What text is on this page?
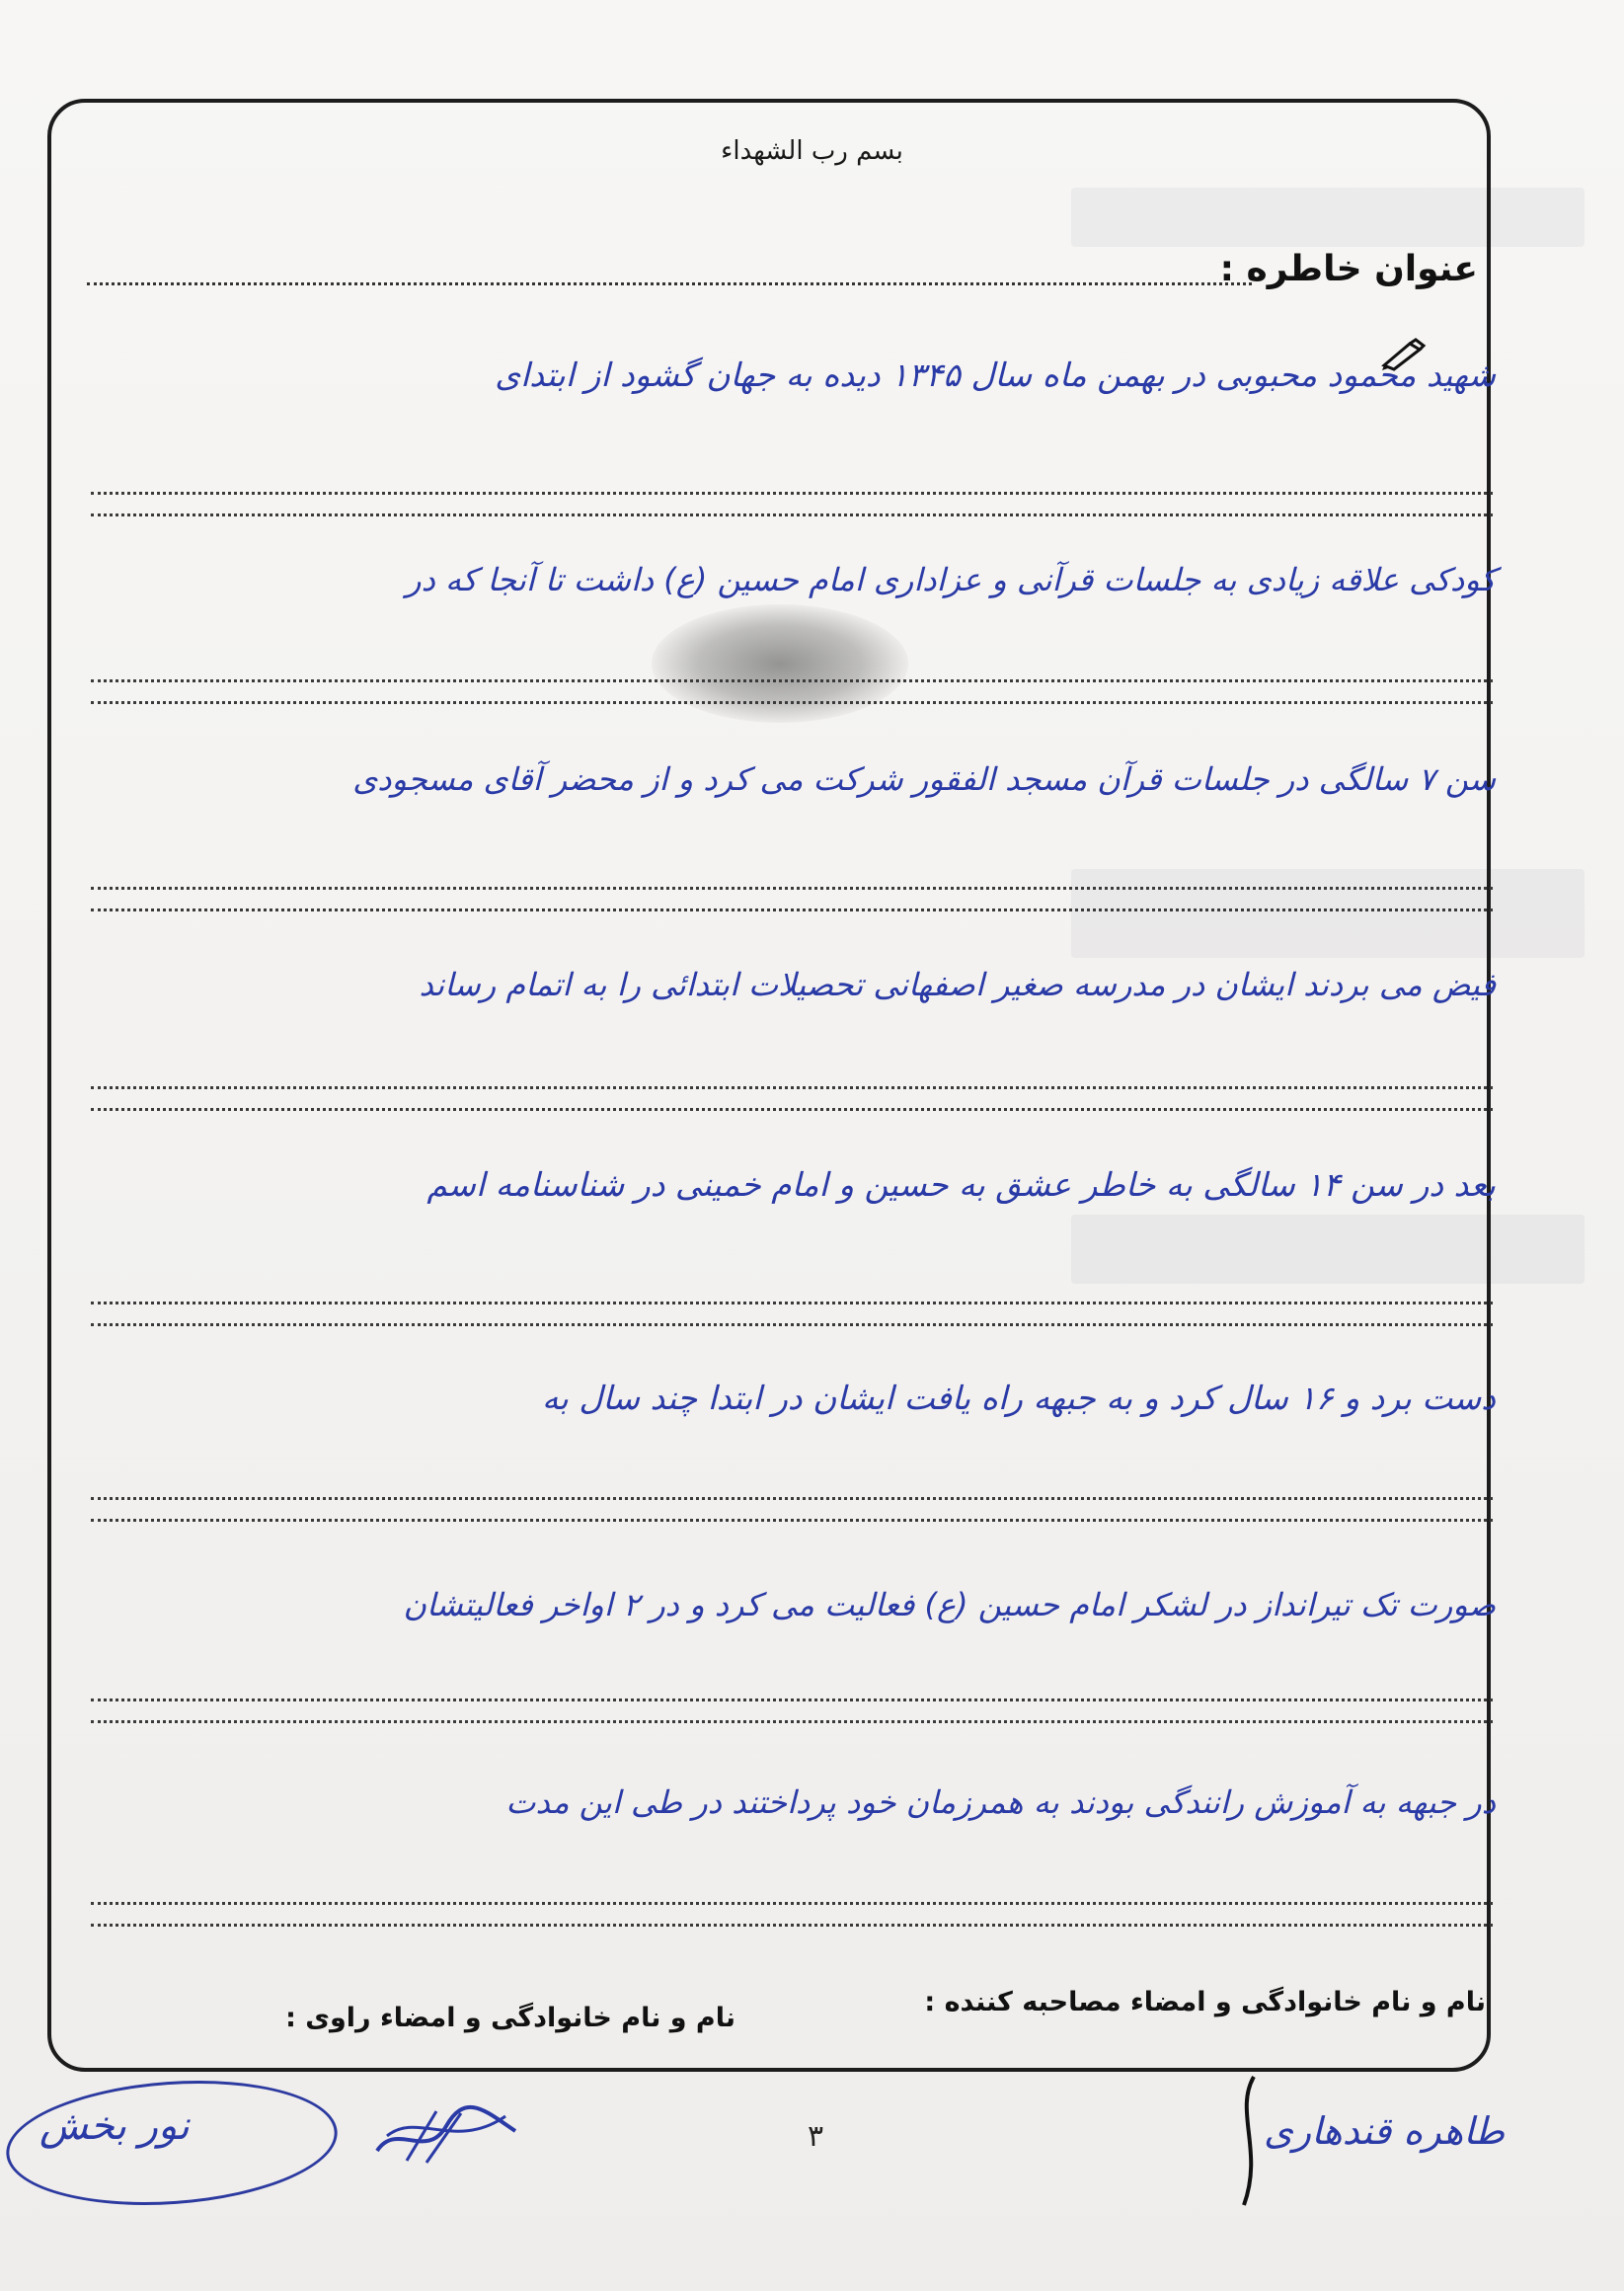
بسم رب الشهداء
عنوان خاطره :
شهید محمود محبوبی در بهمن ماه سال ۱۳۴۵ دیده به جهان گشود از ابتدای
کودکی علاقه زیادی به جلسات قرآنی و عزاداری امام حسین (ع) داشت تا آنجا که در
سن ۷ سالگی در جلسات قرآن مسجد الفقور شرکت می کرد و از محضر آقای مسجودی
فیض می بردند ایشان در مدرسه صغیر اصفهانی تحصیلات ابتدائی را به اتمام رساند
بعد در سن ۱۴ سالگی به خاطر عشق به حسین و امام خمینی در شناسنامه اسم
دست برد و ۱۶ سال کرد و به جبهه راه یافت ایشان در ابتدا چند سال به
صورت تک تیرانداز در لشکر امام حسین (ع) فعالیت می کرد و در ۲ اواخر فعالیتشان
در جبهه به آموزش رانندگی بودند به همرزمان خود پرداختند در طی این مدت
نام و نام خانوادگی و امضاء مصاحبه کننده :
نام و نام خانوادگی و امضاء راوی :
۳
نور بخش	طاهره قندهاری
